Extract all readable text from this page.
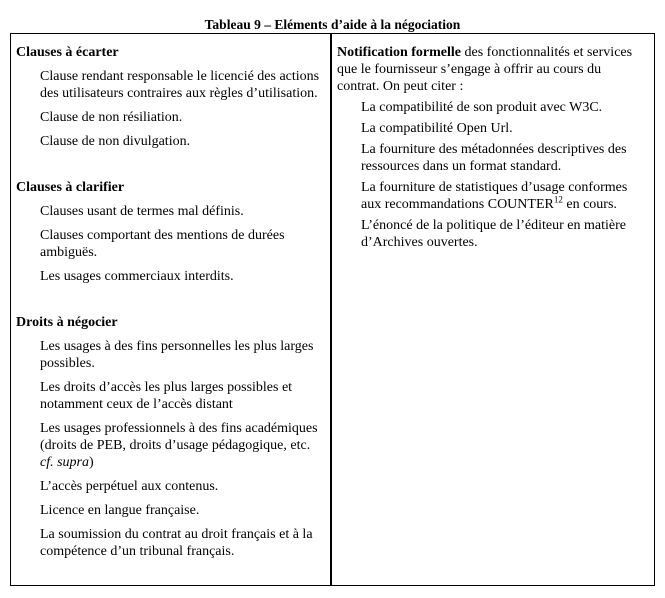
Tableau 9 – Eléments d’aide à la négociation

Clauses à écarter

Clause rendant responsable le licencié des actions des utilisateurs contraires aux règles d’utilisation.
Clause de non résiliation.
Clause de non divulgation.

Clauses à clarifier

Clauses usant de termes mal définis.
Clauses comportant des mentions de durées ambiguës.
Les usages commerciaux interdits.

Droits à négocier

Les usages à des fins personnelles les plus larges possibles.
Les droits d’accès les plus larges possibles et notamment ceux de l’accès distant
Les usages professionnels à des fins académiques (droits de PEB, droits d’usage pédagogique, etc. cf. supra)
L’accès perpétuel aux contenus.
Licence en langue française.
La soumission du contrat au droit français et à la compétence d’un tribunal français.

Notification formelle des fonctionnalités et services que le fournisseur s’engage à offrir au cours du contrat. On peut citer :

La compatibilité de son produit avec W3C.
La compatibilité Open Url.
La fourniture des métadonnées descriptives des ressources dans un format standard.
La fourniture de statistiques d’usage conformes aux recommandations COUNTER$^{12}$ en cours.
L’énoncé de la politique de l’éditeur en matière d’Archives ouvertes.
